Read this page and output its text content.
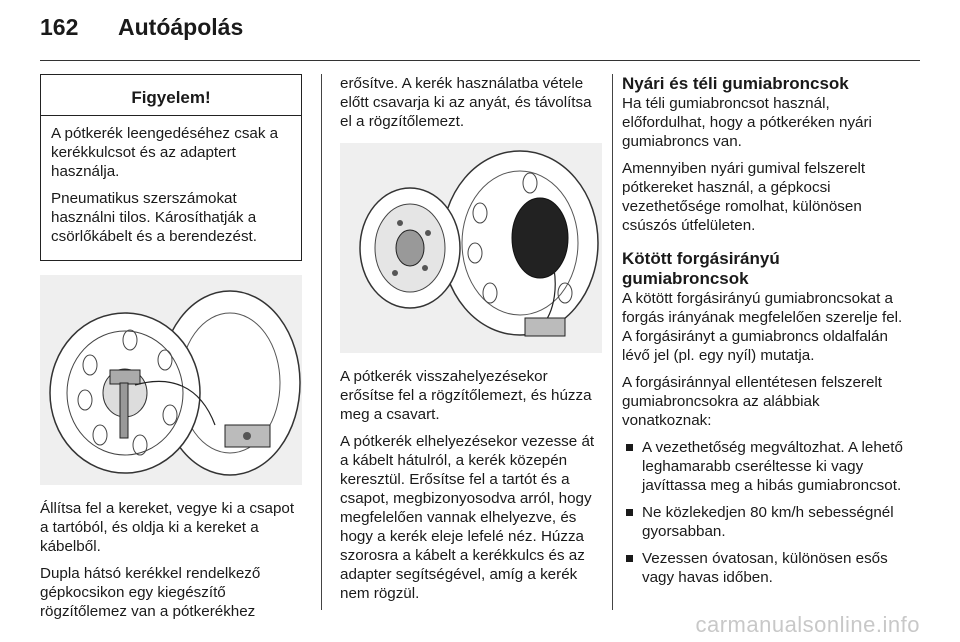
162 Autóápolás
Figyelem!

A pótkerék leengedéséhez csak a kerékkulcsot és az adaptert használja.

Pneumatikus szerszámokat használni tilos. Károsíthatják a csörlőkábelt és a berendezést.

Állítsa fel a kereket, vegye ki a csapot a tartóból, és oldja ki a kereket a kábelből.

Dupla hátsó kerékkel rendelkező gépkocsikon egy kiegészítő rögzítőlemez van a pótkerékhez

erősítve. A kerék használatba vétele előtt csavarja ki az anyát, és távolítsa el a rögzítőlemezt.

A pótkerék visszahelyezésekor erősítse fel a rögzítőlemezt, és húzza meg a csavart.

A pótkerék elhelyezésekor vezesse át a kábelt hátulról, a kerék közepén keresztül. Erősítse fel a tartót és a csapot, megbizonyosodva arról, hogy megfelelően vannak elhelyezve, és hogy a kerék eleje lefelé néz. Húzza szorosra a kábelt a kerékkulcs és az adapter segítségével, amíg a kerék nem rögzül.

Nyári és téli gumiabroncsok

Ha téli gumiabroncsot használ, előfordulhat, hogy a pótkeréken nyári gumiabroncs van.

Amennyiben nyári gumival felszerelt pótkereket használ, a gépkocsi vezethetősége romolhat, különösen csúszós útfelületen.

Kötött forgásirányú gumiabroncsok

A kötött forgásirányú gumiabroncsokat a forgás irányának megfelelően szerelje fel. A forgásirányt a gumiabroncs oldalfalán lévő jel (pl. egy nyíl) mutatja.

A forgásiránnyal ellentétesen felszerelt gumiabroncsokra az alábbiak vonatkoznak:

A vezethetőség megváltozhat. A lehető leghamarabb cseréltesse ki vagy javíttassa meg a hibás gumiabroncsot.
Ne közlekedjen 80 km/h sebességnél gyorsabban.
Vezessen óvatosan, különösen esős vagy havas időben.
carmanualsonline.info
